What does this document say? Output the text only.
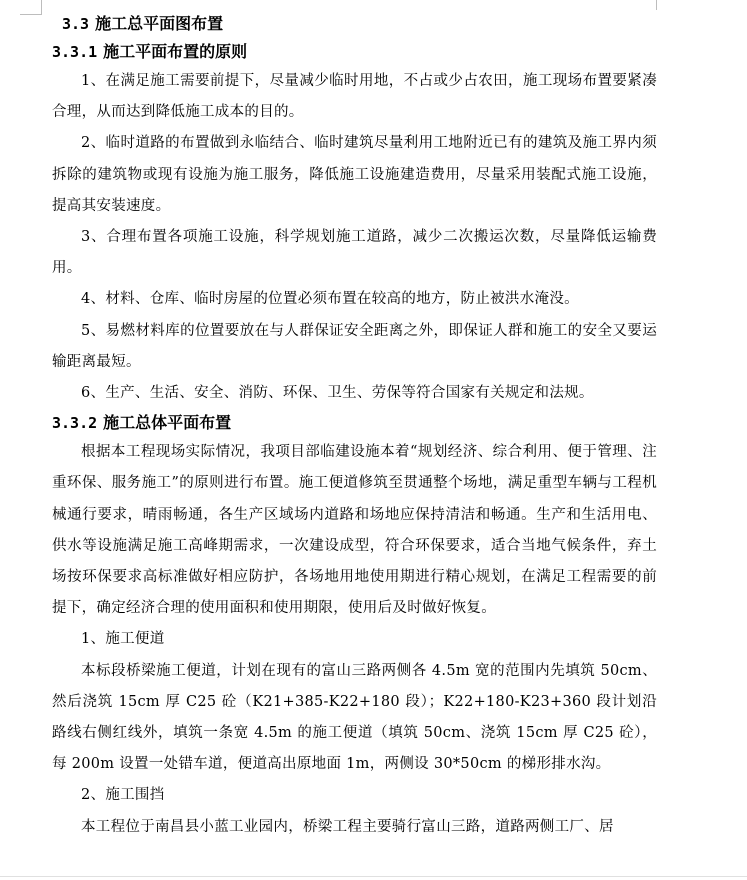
3.3 施工总平面图布置
3.3.1 施工平面布置的原则

1、在满足施工需要前提下，尽量减少临时用地，不占或少占农田，施工现场布置要紧凑合理，从而达到降低施工成本的目的。

2、临时道路的布置做到永临结合、临时建筑尽量利用工地附近已有的建筑及施工界内须拆除的建筑物或现有设施为施工服务，降低施工设施建造费用，尽量采用装配式施工设施，提高其安装速度。

3、合理布置各项施工设施，科学规划施工道路，减少二次搬运次数，尽量降低运输费用。

4、材料、仓库、临时房屋的位置必须布置在较高的地方，防止被洪水淹没。

5、易燃材料库的位置要放在与人群保证安全距离之外，即保证人群和施工的安全又要运输距离最短。

6、生产、生活、安全、消防、环保、卫生、劳保等符合国家有关规定和法规。

3.3.2 施工总体平面布置

根据本工程现场实际情况，我项目部临建设施本着“规划经济、综合利用、便于管理、注重环保、服务施工”的原则进行布置。施工便道修筑至贯通整个场地，满足重型车辆与工程机械通行要求，晴雨畅通，各生产区域场内道路和场地应保持清洁和畅通。生产和生活用电、供水等设施满足施工高峰期需求，一次建设成型，符合环保要求，适合当地气候条件，弃土场按环保要求高标准做好相应防护，各场地用地使用期进行精心规划，在满足工程需要的前提下，确定经济合理的使用面积和使用期限，使用后及时做好恢复。

1、施工便道

本标段桥梁施工便道，计划在现有的富山三路两侧各 4.5m 宽的范围内先填筑 50cm、然后浇筑 15cm 厚 C25 砼（K21+385-K22+180 段）；K22+180-K23+360 段计划沿路线右侧红线外，填筑一条宽 4.5m 的施工便道（填筑 50cm、浇筑 15cm 厚 C25 砼），每 200m 设置一处错车道，便道高出原地面 1m，两侧设 30*50cm 的梯形排水沟。

2、施工围挡

本工程位于南昌县小蓝工业园内，桥梁工程主要骑行富山三路，道路两侧工厂、居
